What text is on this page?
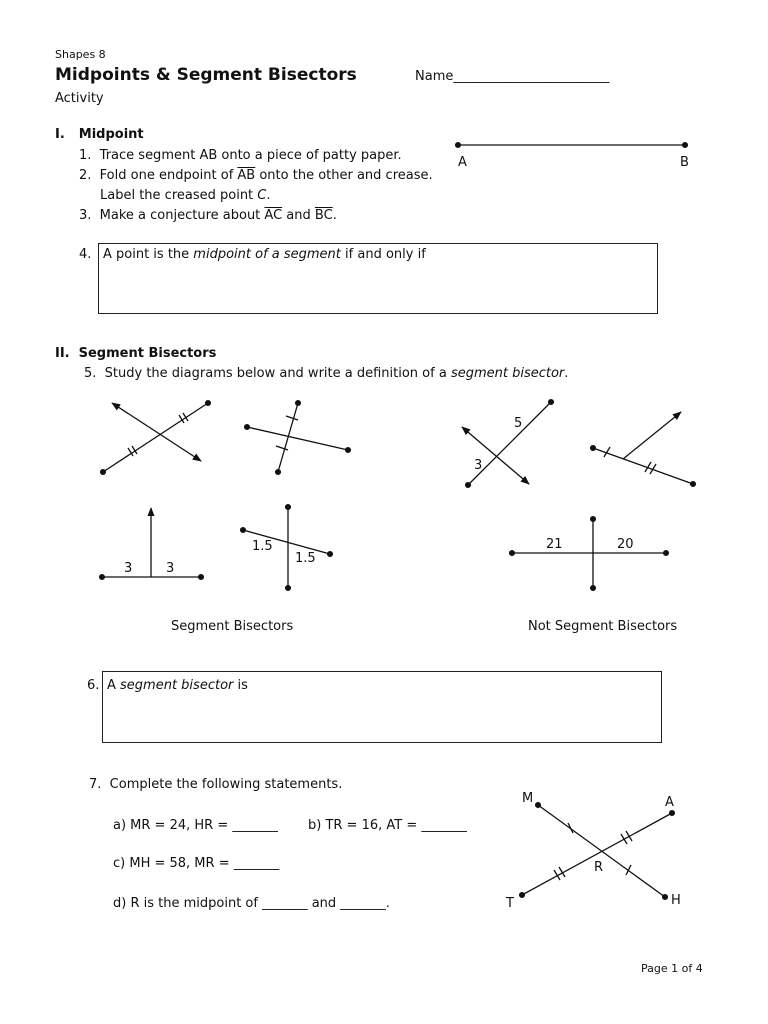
Shapes 8
Midpoints & Segment Bisectors
Activity
Name________________________
I. Midpoint
1. Trace segment AB onto a piece of patty paper.
2. Fold one endpoint of $\overline{AB}$ onto the other and crease.
Label the creased point C.
3. Make a conjecture about $\overline{AC}$ and $\overline{BC}$.
4. A point is the midpoint of a segment if and only if
II. Segment Bisectors
5. Study the diagrams below and write a definition of a segment bisector.
Segment Bisectors	Not Segment Bisectors
6. A segment bisector is
7. Complete the following statements.
a) MR = 24, HR = _______ b) TR = 16, AT = _______
c) MH = 58, MR = _______
d) R is the midpoint of _______ and _______.
Page 1 of 4
A	B
3	3
1.5
1.5
5
3
21	20
M	A
R
T	H
